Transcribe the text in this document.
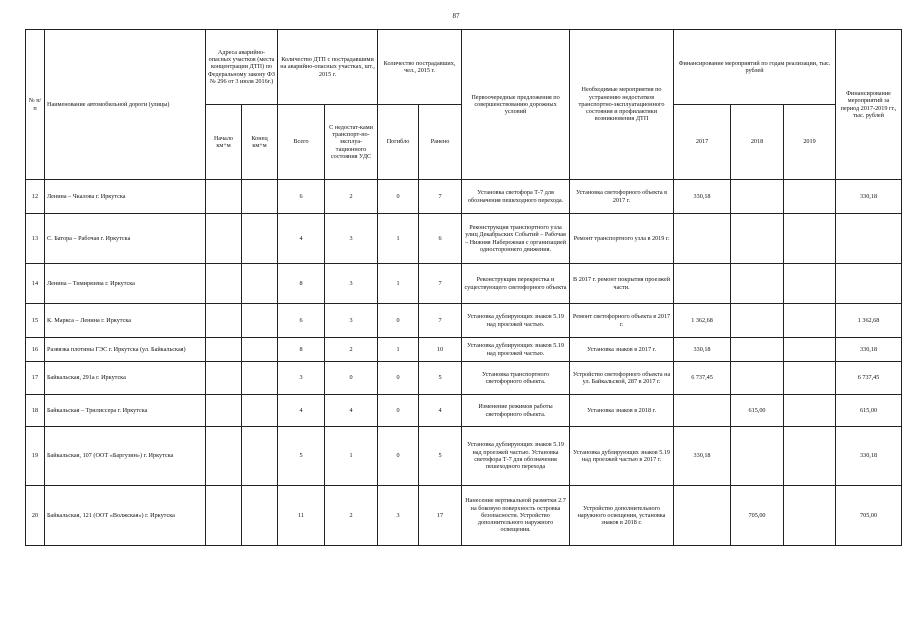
87
№ п/п	Наименование автомобильной дороги (улицы)	Адреса аварийно-опасных участков (места концентрации ДТП) по Федеральному закону ФЗ № 296 от 3 июля 2016г.)		Количество ДТП с пострадавшими на аварийно-опасных участках, шт., 2015 г.		Количество пострадавших, чел., 2015 г.		Первоочередные предложения по совершенствованию дорожных условий	Необходимые мероприятия по устранению недостатков транспортно-эксплуатационного состояния и профилактики возникновения ДТП	Финансирование мероприятий по годам реализации, тыс. рублей			Финансирование мероприятий за период 2017-2019 гг., тыс. рублей
		Начало км+м	Конец км+м	Всего	С недостат-ками транспорт-но-эксплуа-тационного состояния УДС	Погибло	Ранено			2017	2018	2019	
12	Ленина – Чкалова г. Иркутска			6	2	0	7	Установка светофора Т-7 для обозначения пешеходного перехода.	Установка светофорного объекта в 2017 г.	330,18			330,18
13	С. Батора – Рабочая г. Иркутска			4	3	1	6	Реконструкция транспортного узла улиц Декабрьских Событий – Рабочая – Нижняя Набережная с организацией одностороннего движения.	Ремонт транспортного узла в 2019 г.				
14	Ленина – Тимирязева г. Иркутска			8	3	1	7	Реконструкция перекрестка и существующего светофорного объекта	В 2017 г. ремонт покрытия проезжей части.				
15	К. Маркса – Ленина г. Иркутска			6	3	0	7	Установка дублирующих знаков 5.19 над проезжей частью.	Ремонт светофорного объекта в 2017 г.	1 362,68			1 362,68
16	Развязка плотины ГЭС г. Иркутска (ул. Байкальская)			8	2	1	10	Установка дублирующих знаков 5.19 над проезжей частью.	Установка знаков в 2017 г.	330,18			330,18
17	Байкальская, 291а г. Иркутска			3	0	0	5	Установка транспортного светофорного объекта.	Устройство светофорного объекта на ул. Байкальской, 287 в 2017 г.	6 737,45			6 737,45
18	Байкальская – Трилиссера г. Иркутска			4	4	0	4	Изменение режимов работы светофорного объекта.	Установка знаков в 2018 г.		615,00		615,00
19	Байкальская, 107 (ООТ «Баргузин») г. Иркутска			5	1	0	5	Установка дублирующих знаков 5.19 над проезжей частью. Установка светофора Т-7 для обозначения пешеходного перехода	Установка дублирующих знаков 5.19 над проезжей частью в 2017 г.	330,18			330,18
20	Байкальская, 121 (ООТ «Волжская») г. Иркутска			11	2	3	17	Нанесение вертикальной разметки 2.7 на боковую поверхность островка безопасности. Устройство дополнительного наружного освещения.	Устройство дополнительного наружного освещения, установка знаков в 2018 г.		705,00		705,00
